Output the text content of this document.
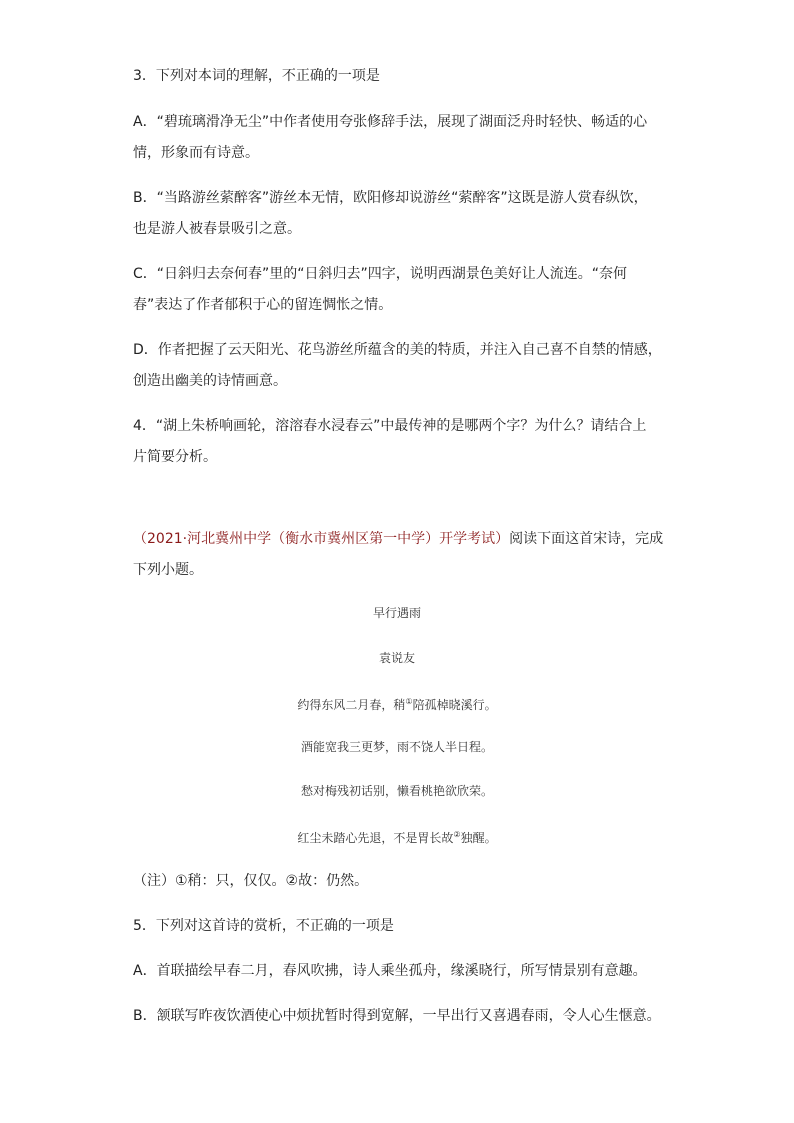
3．下列对本词的理解，不正确的一项是
A．“碧琉璃滑净无尘”中作者使用夸张修辞手法，展现了湖面泛舟时轻快、畅适的心
情，形象而有诗意。
B．“当路游丝萦醉客”游丝本无情，欧阳修却说游丝“萦醉客”这既是游人赏春纵饮，
也是游人被春景吸引之意。
C．“日斜归去奈何春”里的“日斜归去”四字，说明西湖景色美好让人流连。“奈何
春”表达了作者郁积于心的留连惆怅之情。
D．作者把握了云天阳光、花鸟游丝所蕴含的美的特质，并注入自己喜不自禁的情感，
创造出幽美的诗情画意。
4．“湖上朱桥响画轮，溶溶春水浸春云”中最传神的是哪两个字？为什么？请结合上
片简要分析。
（2021·河北冀州中学（衡水市冀州区第一中学）开学考试）阅读下面这首宋诗，完成
下列小题。
早行遇雨
袁说友
约得东风二月春，稍①陪孤棹晓溪行。
酒能宽我三更梦，雨不饶人半日程。
愁对梅残初话别，懒看桃艳欲欣荣。
红尘未踏心先退，不是胃长故②独醒。
（注）①稍：只，仅仅。②故：仍然。
5．下列对这首诗的赏析，不正确的一项是
A．首联描绘早春二月，春风吹拂，诗人乘坐孤舟，缘溪晓行，所写情景别有意趣。
B．颔联写昨夜饮酒使心中烦扰暂时得到宽解，一早出行又喜遇春雨，令人心生惬意。
